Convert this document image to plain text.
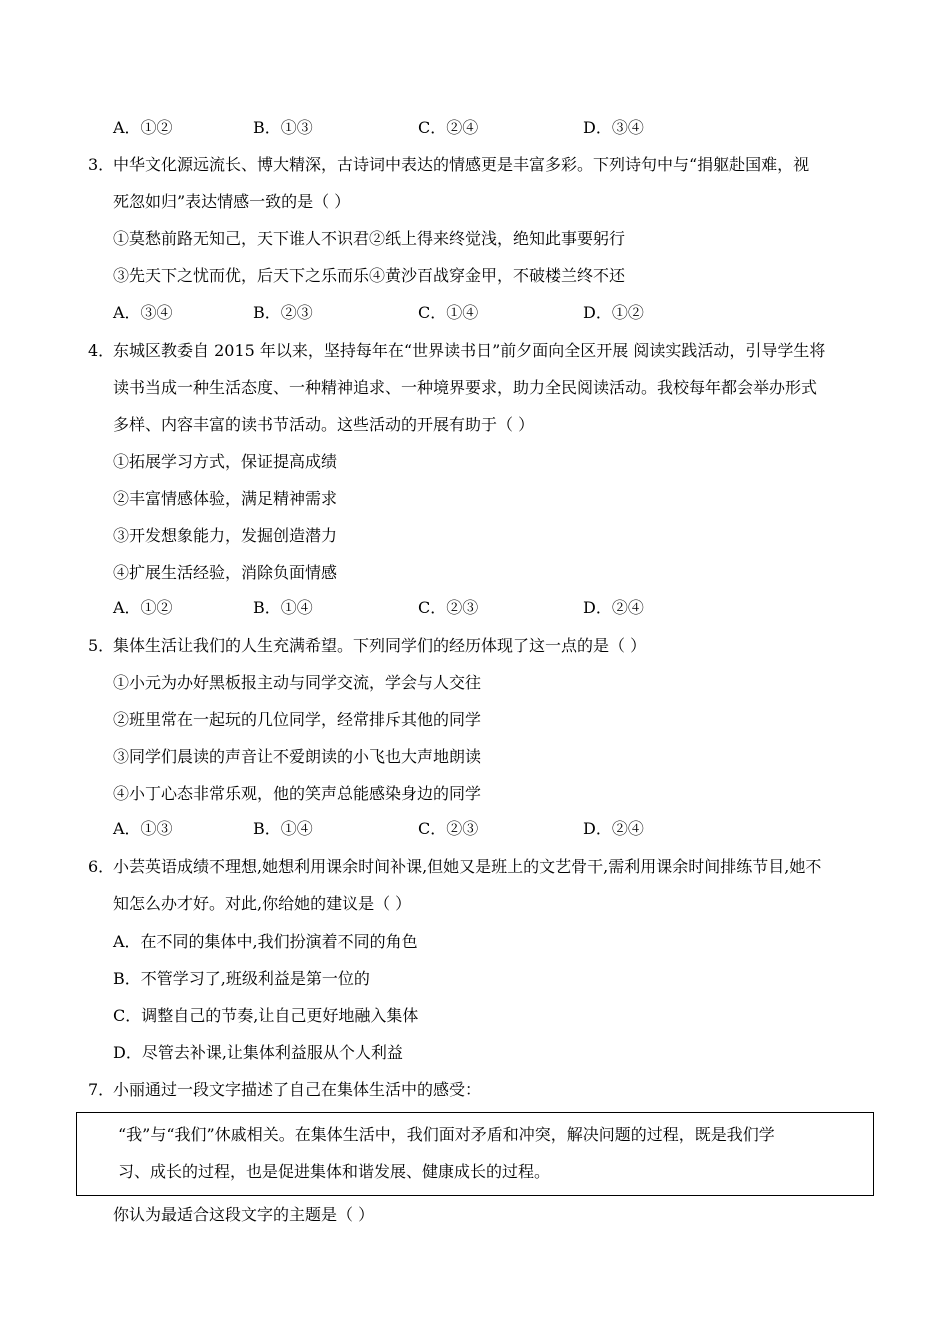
A．①②	B．①③	C．②④	D．③④
3．
中华文化源远流长、博大精深，古诗词中表达的情感更是丰富多彩。下列诗句中与“捐躯赴国难，视
死忽如归”表达情感一致的是（ ）
①莫愁前路无知己，天下谁人不识君②纸上得来终觉浅，绝知此事要躬行
③先天下之忧而优，后天下之乐而乐④黄沙百战穿金甲，不破楼兰终不还
A．③④	B．②③	C．①④	D．①②
4．
东城区教委自 2015 年以来，坚持每年在“世界读书日”前夕面向全区开展 阅读实践活动，引导学生将
读书当成一种生活态度、一种精神追求、一种境界要求，助力全民阅读活动。我校每年都会举办形式
多样、内容丰富的读书节活动。这些活动的开展有助于（ ）
①拓展学习方式，保证提高成绩
②丰富情感体验，满足精神需求
③开发想象能力，发掘创造潜力
④扩展生活经验，消除负面情感
A．①②	B．①④	C．②③	D．②④
5．
集体生活让我们的人生充满希望。下列同学们的经历体现了这一点的是（ ）
①小元为办好黑板报主动与同学交流，学会与人交往
②班里常在一起玩的几位同学，经常排斥其他的同学
③同学们晨读的声音让不爱朗读的小飞也大声地朗读
④小丁心态非常乐观，他的笑声总能感染身边的同学
A．①③	B．①④	C．②③	D．②④
6．
小芸英语成绩不理想,她想利用课余时间补课,但她又是班上的文艺骨干,需利用课余时间排练节目,她不
知怎么办才好。对此,你给她的建议是（ ）
A．在不同的集体中,我们扮演着不同的角色
B．不管学习了,班级利益是第一位的
C．调整自己的节奏,让自己更好地融入集体
D．尽管去补课,让集体利益服从个人利益
7．
小丽通过一段文字描述了自己在集体生活中的感受：
“我”与“我们”休戚相关。在集体生活中，我们面对矛盾和冲突，解决问题的过程，既是我们学
习、成长的过程，也是促进集体和谐发展、健康成长的过程。
你认为最适合这段文字的主题是（ ）
